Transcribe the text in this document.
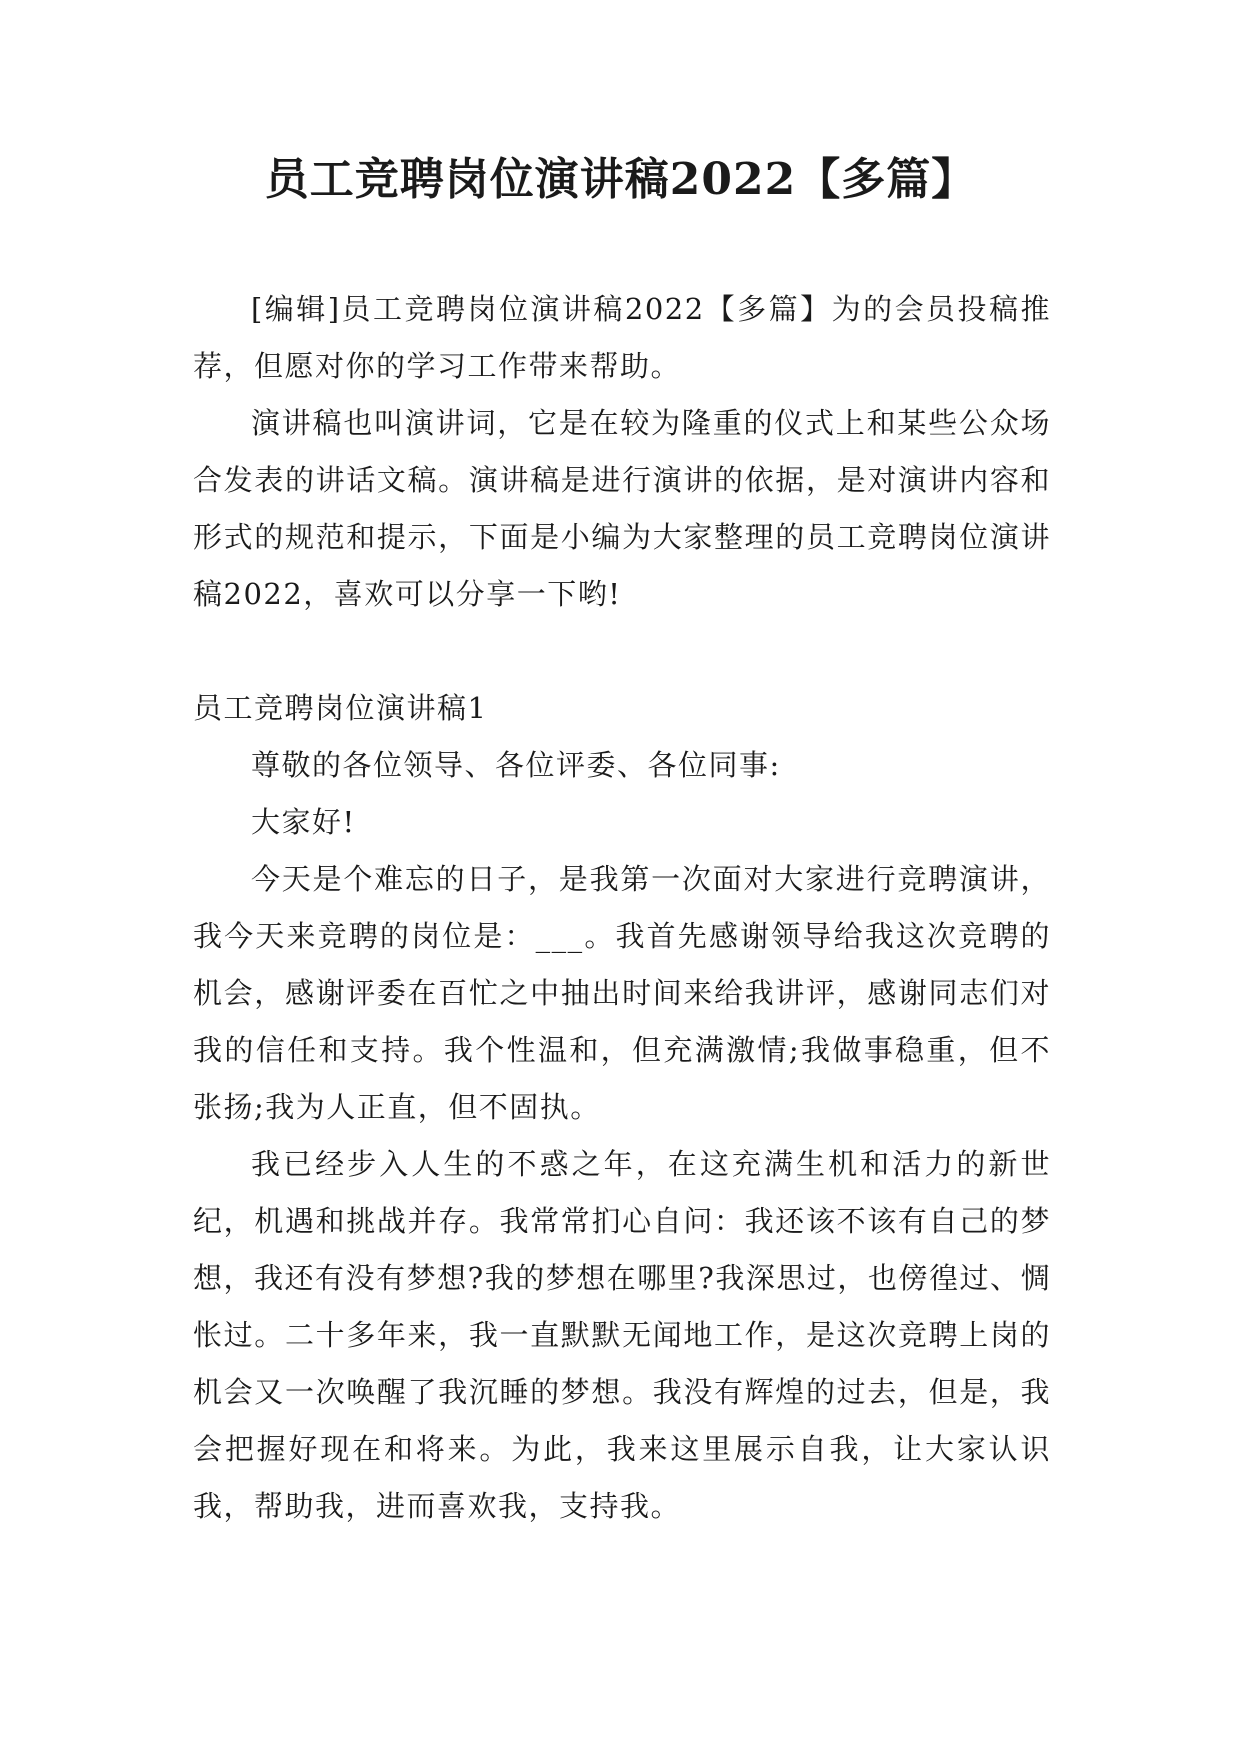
员工竞聘岗位演讲稿2022【多篇】

[编辑]员工竞聘岗位演讲稿2022【多篇】为的会员投稿推荐，但愿对你的学习工作带来帮助。

演讲稿也叫演讲词，它是在较为隆重的仪式上和某些公众场合发表的讲话文稿。演讲稿是进行演讲的依据，是对演讲内容和形式的规范和提示，下面是小编为大家整理的员工竞聘岗位演讲稿2022，喜欢可以分享一下哟!

员工竞聘岗位演讲稿1

尊敬的各位领导、各位评委、各位同事:

大家好!

今天是个难忘的日子，是我第一次面对大家进行竞聘演讲，我今天来竞聘的岗位是：___。我首先感谢领导给我这次竞聘的机会，感谢评委在百忙之中抽出时间来给我讲评，感谢同志们对我的信任和支持。我个性温和，但充满激情;我做事稳重，但不张扬;我为人正直，但不固执。

我已经步入人生的不惑之年，在这充满生机和活力的新世纪，机遇和挑战并存。我常常扪心自问：我还该不该有自己的梦想，我还有没有梦想?我的梦想在哪里?我深思过，也傍徨过、惆怅过。二十多年来，我一直默默无闻地工作，是这次竞聘上岗的机会又一次唤醒了我沉睡的梦想。我没有辉煌的过去，但是，我会把握好现在和将来。为此，我来这里展示自我，让大家认识我，帮助我，进而喜欢我，支持我。
